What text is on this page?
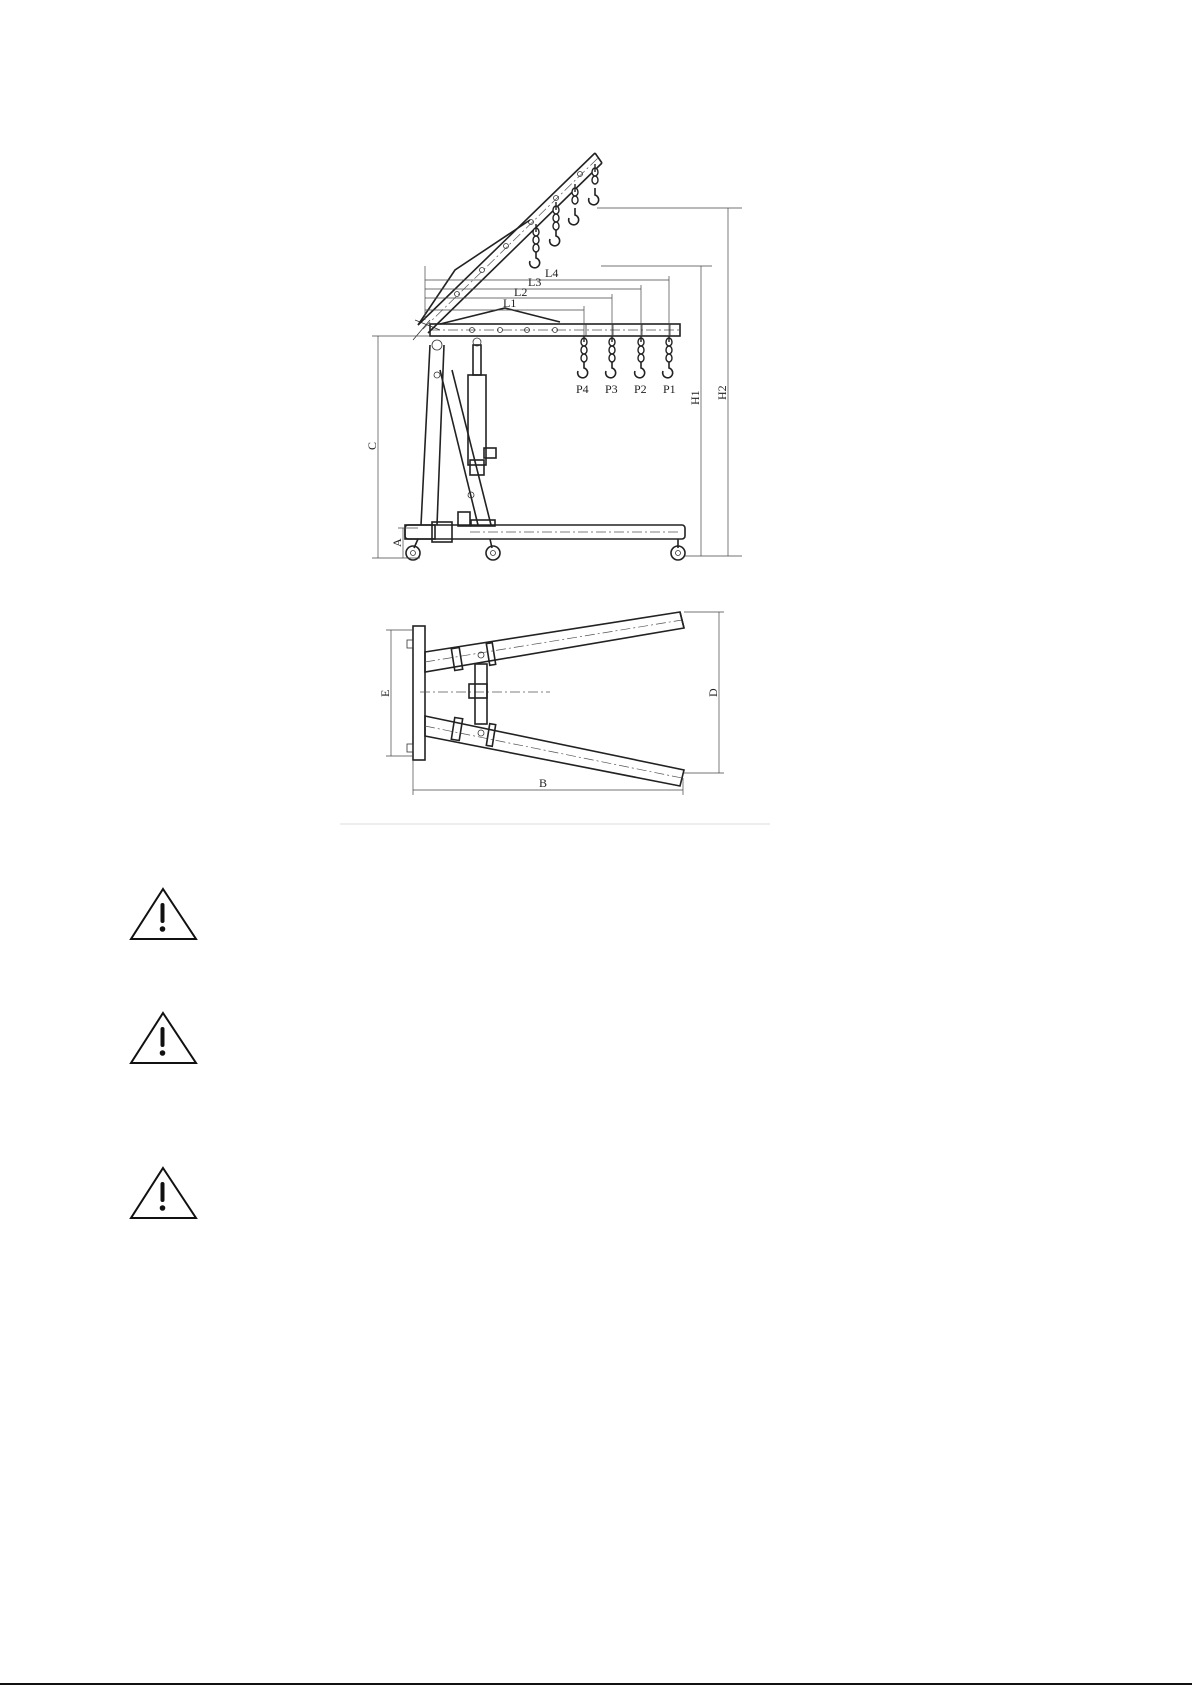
P4 P3 P2 P1
L4
L3
L2
L1
H2
H1
C
A
D
E
B
